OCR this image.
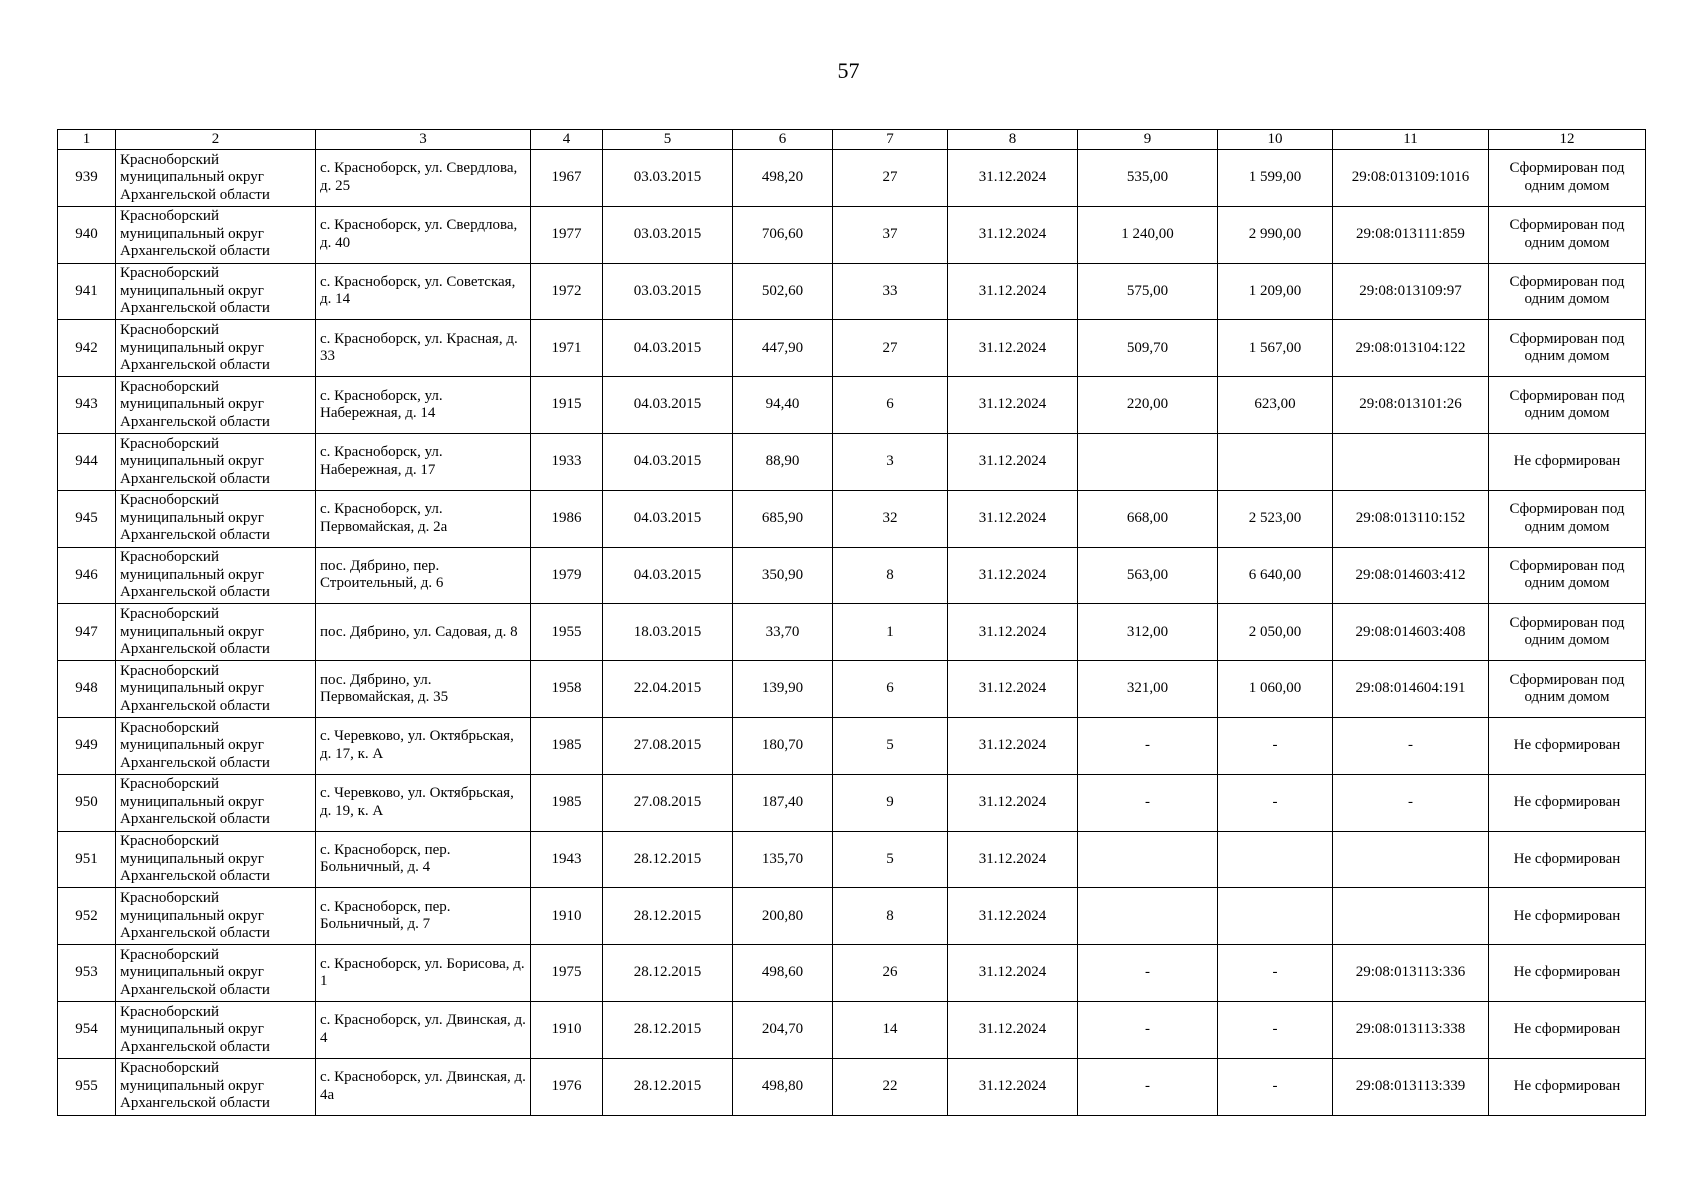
57
1	2	3	4	5	6	7	8	9	10	11	12
939	Красноборский муниципальный округ Архангельской области	с. Красноборск, ул. Свердлова, д. 25	1967	03.03.2015	498,20	27	31.12.2024	535,00	1 599,00	29:08:013109:1016	Сформирован под одним домом
940	Красноборский муниципальный округ Архангельской области	с. Красноборск, ул. Свердлова, д. 40	1977	03.03.2015	706,60	37	31.12.2024	1 240,00	2 990,00	29:08:013111:859	Сформирован под одним домом
941	Красноборский муниципальный округ Архангельской области	с. Красноборск, ул. Советская, д. 14	1972	03.03.2015	502,60	33	31.12.2024	575,00	1 209,00	29:08:013109:97	Сформирован под одним домом
942	Красноборский муниципальный округ Архангельской области	с. Красноборск, ул. Красная, д. 33	1971	04.03.2015	447,90	27	31.12.2024	509,70	1 567,00	29:08:013104:122	Сформирован под одним домом
943	Красноборский муниципальный округ Архангельской области	с. Красноборск, ул. Набережная, д. 14	1915	04.03.2015	94,40	6	31.12.2024	220,00	623,00	29:08:013101:26	Сформирован под одним домом
944	Красноборский муниципальный округ Архангельской области	с. Красноборск, ул. Набережная, д. 17	1933	04.03.2015	88,90	3	31.12.2024				Не сформирован
945	Красноборский муниципальный округ Архангельской области	с. Красноборск, ул. Первомайская, д. 2а	1986	04.03.2015	685,90	32	31.12.2024	668,00	2 523,00	29:08:013110:152	Сформирован под одним домом
946	Красноборский муниципальный округ Архангельской области	пос. Дябрино, пер. Строительный, д. 6	1979	04.03.2015	350,90	8	31.12.2024	563,00	6 640,00	29:08:014603:412	Сформирован под одним домом
947	Красноборский муниципальный округ Архангельской области	пос. Дябрино, ул. Садовая, д. 8	1955	18.03.2015	33,70	1	31.12.2024	312,00	2 050,00	29:08:014603:408	Сформирован под одним домом
948	Красноборский муниципальный округ Архангельской области	пос. Дябрино, ул. Первомайская, д. 35	1958	22.04.2015	139,90	6	31.12.2024	321,00	1 060,00	29:08:014604:191	Сформирован под одним домом
949	Красноборский муниципальный округ Архангельской области	с. Черевково, ул. Октябрьская, д. 17, к. А	1985	27.08.2015	180,70	5	31.12.2024	-	-	-	Не сформирован
950	Красноборский муниципальный округ Архангельской области	с. Черевково, ул. Октябрьская, д. 19, к. А	1985	27.08.2015	187,40	9	31.12.2024	-	-	-	Не сформирован
951	Красноборский муниципальный округ Архангельской области	с. Красноборск, пер. Больничный, д. 4	1943	28.12.2015	135,70	5	31.12.2024				Не сформирован
952	Красноборский муниципальный округ Архангельской области	с. Красноборск, пер. Больничный, д. 7	1910	28.12.2015	200,80	8	31.12.2024				Не сформирован
953	Красноборский муниципальный округ Архангельской области	с. Красноборск, ул. Борисова, д. 1	1975	28.12.2015	498,60	26	31.12.2024	-	-	29:08:013113:336	Не сформирован
954	Красноборский муниципальный округ Архангельской области	с. Красноборск, ул. Двинская, д. 4	1910	28.12.2015	204,70	14	31.12.2024	-	-	29:08:013113:338	Не сформирован
955	Красноборский муниципальный округ Архангельской области	с. Красноборск, ул. Двинская, д. 4а	1976	28.12.2015	498,80	22	31.12.2024	-	-	29:08:013113:339	Не сформирован
